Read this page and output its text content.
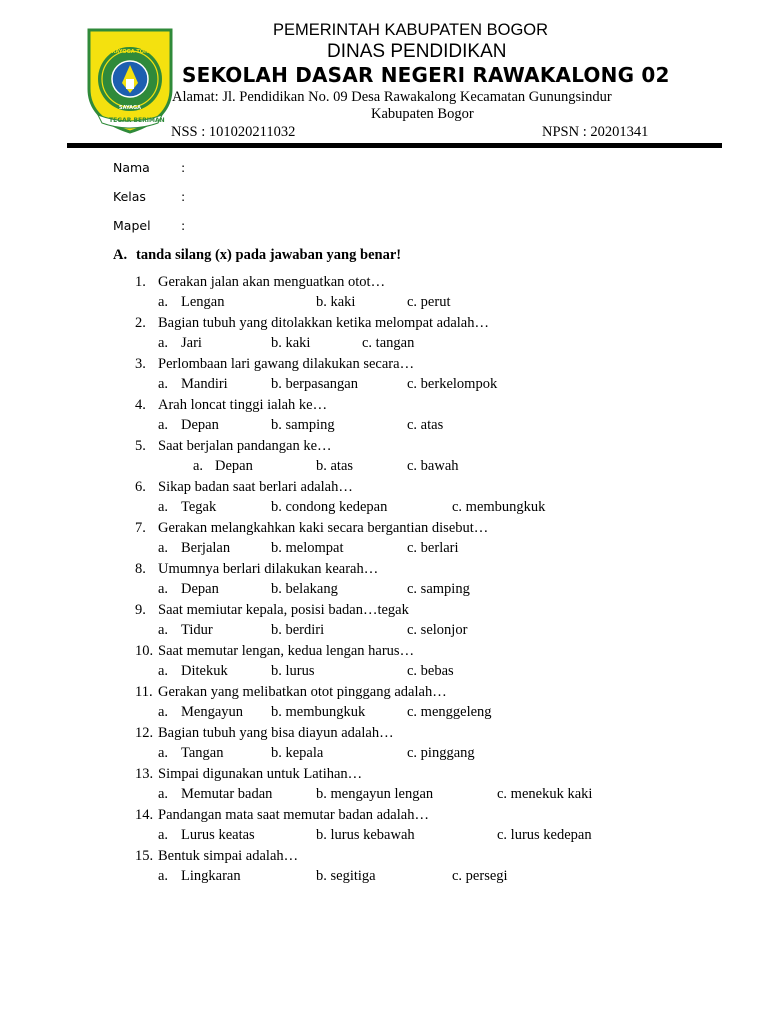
PRAYOGA TOHAGA
SAYAGA
TEGAR BERIMAN
PEMERINTAH KABUPATEN BOGOR
DINAS PENDIDIKAN
SEKOLAH DASAR NEGERI RAWAKALONG 02
Alamat: Jl. Pendidikan No. 09 Desa Rawakalong Kecamatan Gunungsindur
Kabupaten Bogor
NSS : 101020211032	NPSN : 20201341
Nama :
Kelas	:
Mapel :
A. tanda silang (x) pada jawaban yang benar!
1. Gerakan jalan akan menguatkan otot…
a. Lengan	b. kaki	c. perut
2. Bagian tubuh yang ditolakkan ketika melompat adalah…
a. Jari	b. kaki	c. tangan
3. Perlombaan lari gawang dilakukan secara…
a. Mandiri	b. berpasangan	c. berkelompok
4. Arah loncat tinggi ialah ke…
a. Depan	b. samping	c. atas
5. Saat berjalan pandangan ke…
a. Depan	b. atas	c. bawah
6. Sikap badan saat berlari adalah…
a. Tegak	b. condong kedepan	c. membungkuk
7. Gerakan melangkahkan kaki secara bergantian disebut…
a. Berjalan	b. melompat	c. berlari
8. Umumnya berlari dilakukan kearah…
a. Depan	b. belakang	c. samping
9. Saat memiutar kepala, posisi badan…tegak
a. Tidur	b. berdiri	c. selonjor
10. Saat memutar lengan, kedua lengan harus…
a. Ditekuk	b. lurus	c. bebas
11. Gerakan yang melibatkan otot pinggang adalah…
a. Mengayun b. membungkuk	c. menggeleng
12. Bagian tubuh yang bisa diayun adalah…
a. Tangan	b. kepala	c. pinggang
13. Simpai digunakan untuk Latihan…
a. Memutar badan	b. mengayun lengan	c. menekuk kaki
14. Pandangan mata saat memutar badan adalah…
a. Lurus keatas	b. lurus kebawah	c. lurus kedepan
15. Bentuk simpai adalah…
a. Lingkaran	b. segitiga	c. persegi
